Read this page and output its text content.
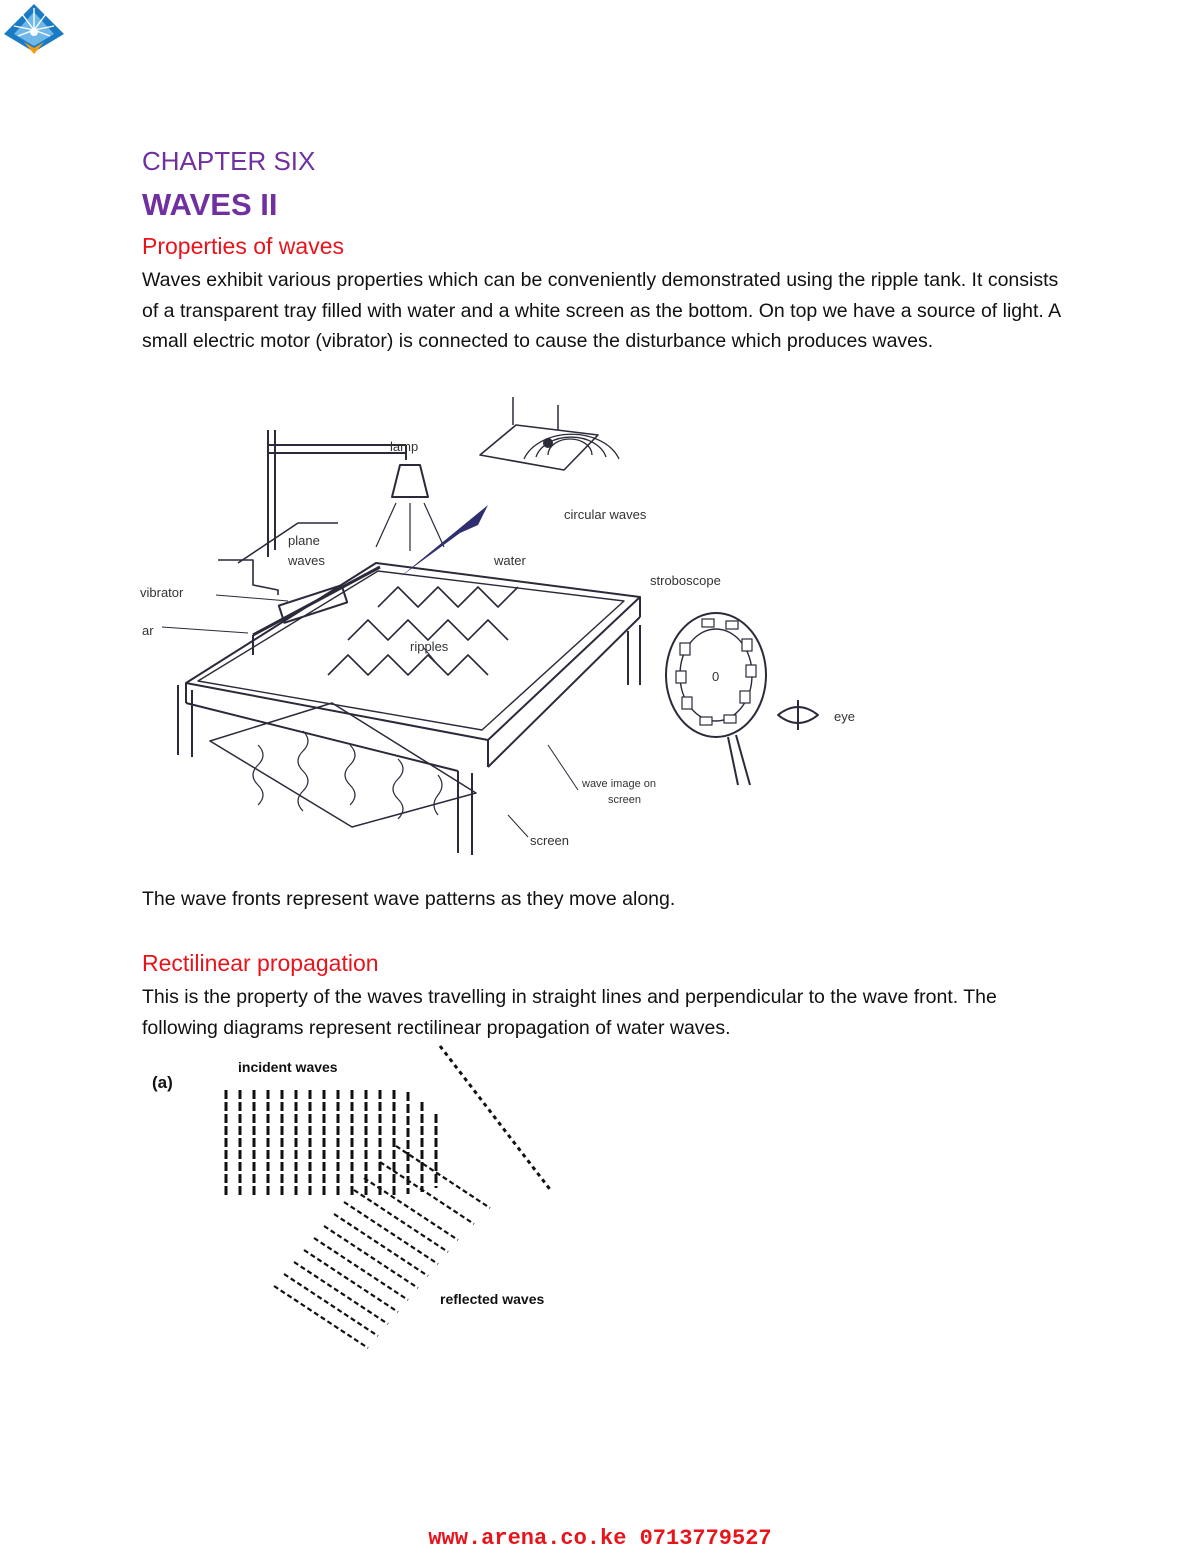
CHAPTER SIX
WAVES II
Properties of waves
Waves exhibit various properties which can be conveniently demonstrated using the ripple tank. It consists of a transparent tray filled with water and a white screen as the bottom. On top we have a source of light. A small electric motor (vibrator) is connected to cause the disturbance which produces waves.
lamp
circular waves
plane
waves	water
vibrator
ar
stroboscope
ripples
0
eye
wave image on
screen
screen
The wave fronts represent wave patterns as they move along.
Rectilinear propagation
This is the property of the waves travelling in straight lines and perpendicular to the wave front. The following diagrams represent rectilinear propagation of water waves.
(a)
incident waves
reflected waves
www.arena.co.ke 0713779527
